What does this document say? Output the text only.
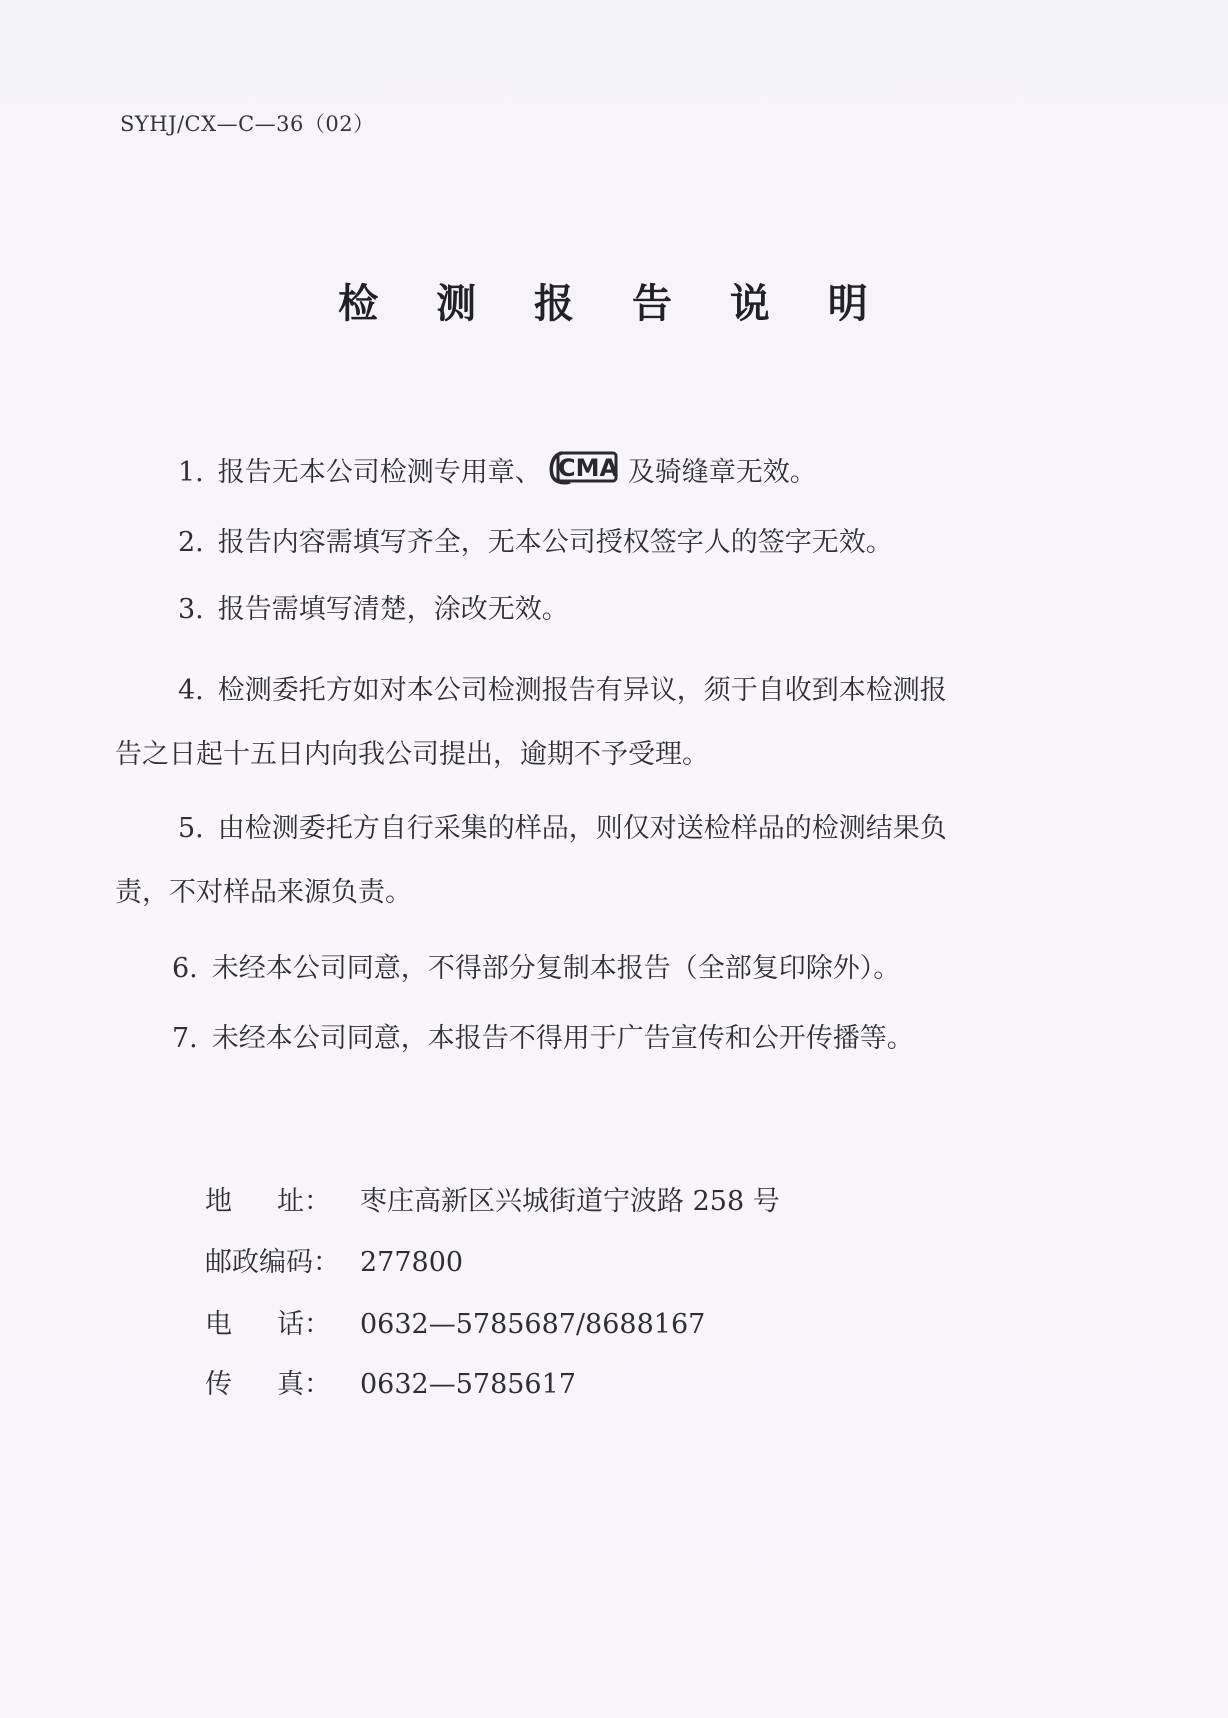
SYHJ/CX—C—36（02）
检 测 报 告 说 明
1. 报告无本公司检测专用章、 CMA 及骑缝章无效。
2. 报告内容需填写齐全，无本公司授权签字人的签字无效。
3. 报告需填写清楚，涂改无效。
4. 检测委托方如对本公司检测报告有异议，须于自收到本检测报
告之日起十五日内向我公司提出，逾期不予受理。
5. 由检测委托方自行采集的样品，则仅对送检样品的检测结果负
责，不对样品来源负责。
6. 未经本公司同意，不得部分复制本报告（全部复印除外）。
7. 未经本公司同意，本报告不得用于广告宣传和公开传播等。
地 址： 枣庄高新区兴城街道宁波路 258 号
邮政编码： 277800
电 话： 0632—5785687/8688167
传 真： 0632—5785617
